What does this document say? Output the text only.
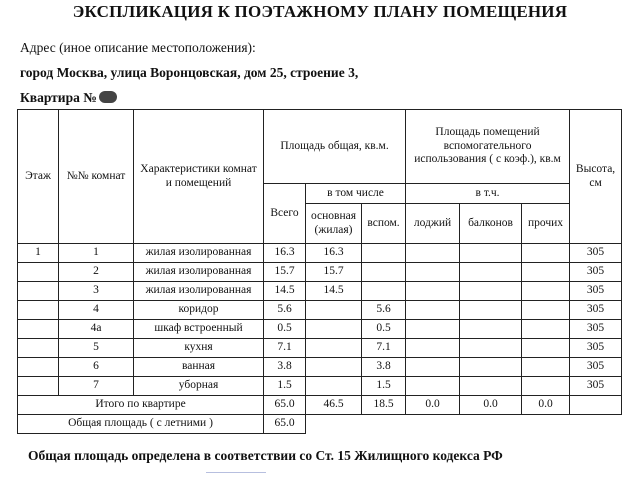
ЭКСПЛИКАЦИЯ К ПОЭТАЖНОМУ ПЛАНУ ПОМЕЩЕНИЯ
Адрес (иное описание местоположения):
город Москва, улица Воронцовская, дом 25, строение 3,
Квартира №
Этаж	№№ комнат	Характеристики комнат и помещений	Площадь общая, кв.м.			Площадь помещений вспомогательного использования ( с коэф.), кв.м			Высота, см
			Всего	в том числе		в т.ч.			
				основная (жилая)	вспом.	лоджий	балконов	прочих	
1	1	жилая изолированная	16.3	16.3					305
	2	жилая изолированная	15.7	15.7					305
	3	жилая изолированная	14.5	14.5					305
	4	коридор	5.6		5.6				305
	4а	шкаф встроенный	0.5		0.5				305
	5	кухня	7.1		7.1				305
	6	ванная	3.8		3.8				305
	7	уборная	1.5		1.5				305
Итого по квартире			65.0	46.5	18.5	0.0	0.0	0.0	
Общая площадь ( с летними )			65.0						
Общая площадь определена в соответствии со Ст. 15 Жилищного кодекса РФ
